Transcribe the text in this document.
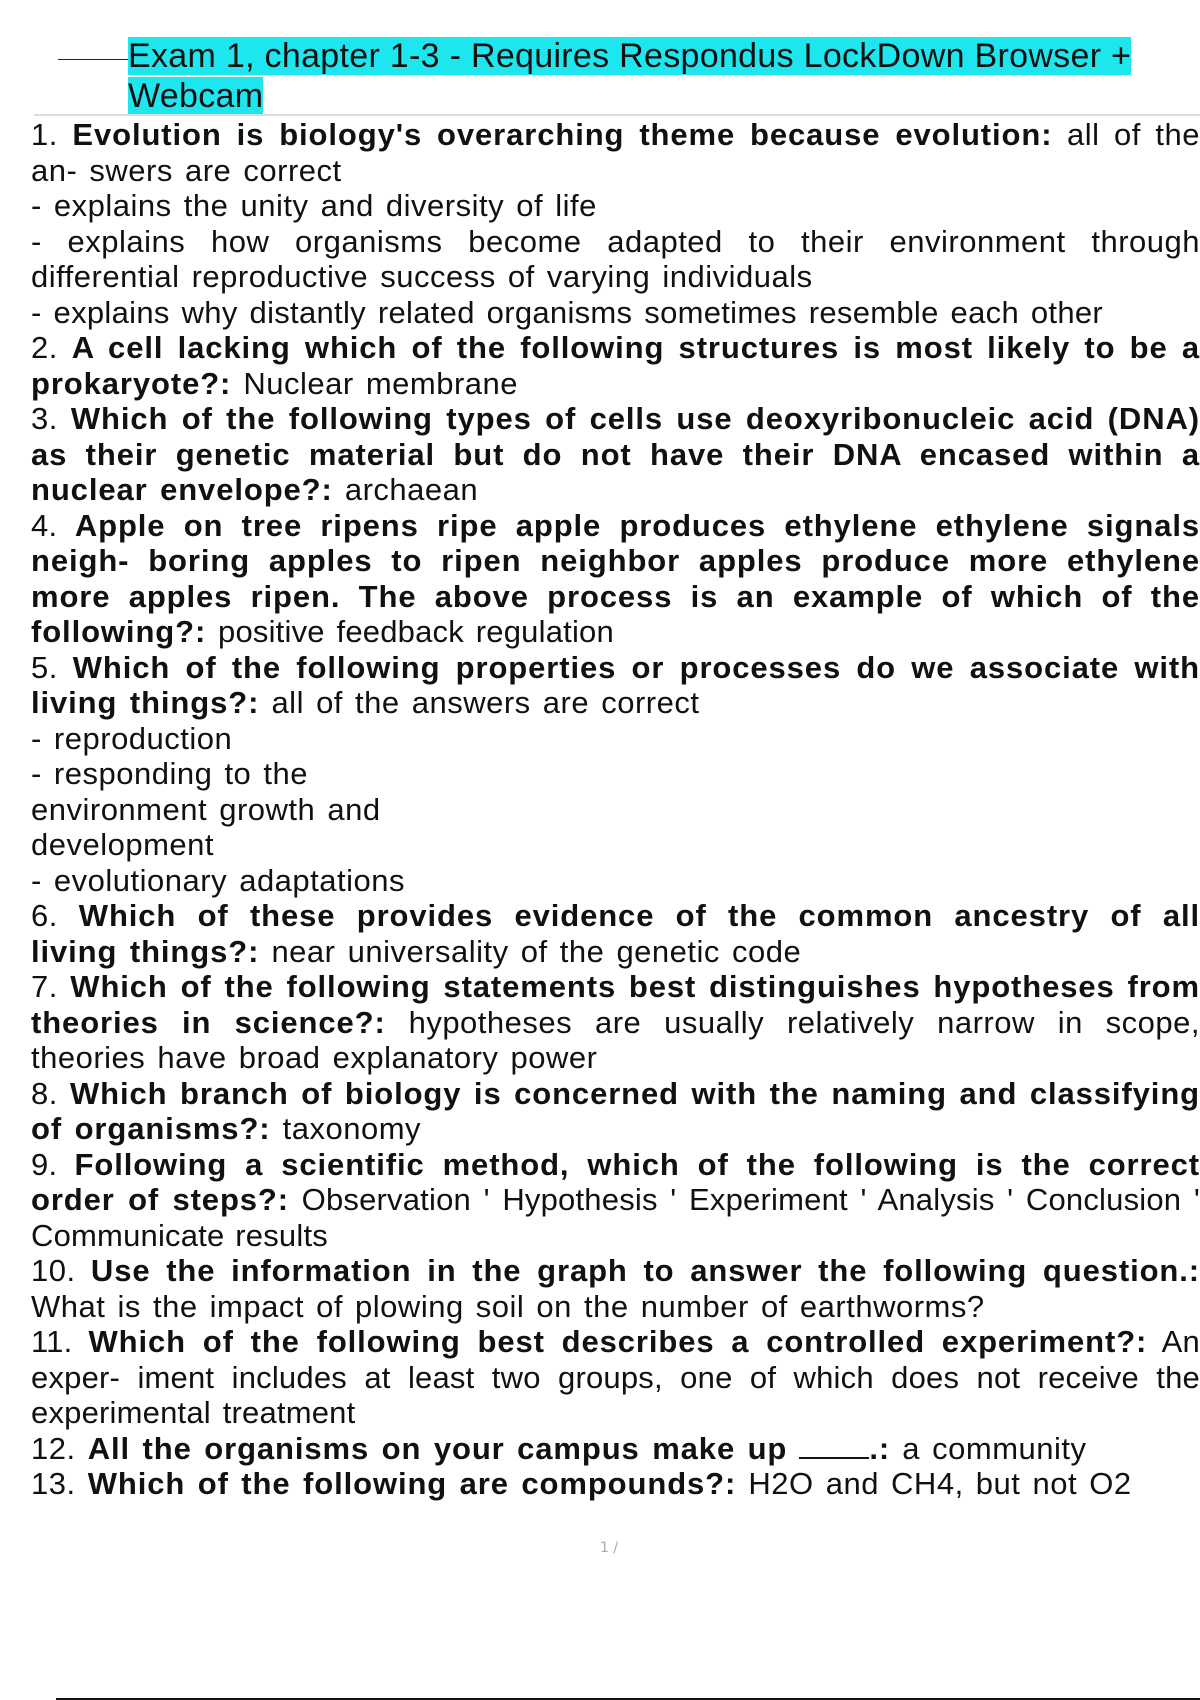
Exam 1, chapter 1-3 - Requires Respondus LockDown Browser + Webcam

1. Evolution is biology's overarching theme because evolution: all of the an- swers are correct

- explains the unity and diversity of life

- explains how organisms become adapted to their environment through differential reproductive success of varying individuals

- explains why distantly related organisms sometimes resemble each other

2. A cell lacking which of the following structures is most likely to be a prokaryote?: Nuclear membrane

3. Which of the following types of cells use deoxyribonucleic acid (DNA) as their genetic material but do not have their DNA encased within a nuclear envelope?: archaean

4. Apple on tree ripens ripe apple produces ethylene ethylene signals neigh- boring apples to ripen neighbor apples produce more ethylene more apples ripen. The above process is an example of which of the following?: positive feedback regulation

5. Which of the following properties or processes do we associate with living things?: all of the answers are correct

- reproduction

- responding to the

environment growth and

development

- evolutionary adaptations

6. Which of these provides evidence of the common ancestry of all living things?: near universality of the genetic code

7. Which of the following statements best distinguishes hypotheses from theories in science?: hypotheses are usually relatively narrow in scope, theories have broad explanatory power

8. Which branch of biology is concerned with the naming and classifying of organisms?: taxonomy

9. Following a scientific method, which of the following is the correct order of steps?: Observation ' Hypothesis ' Experiment ' Analysis ' Conclusion ' Communicate results

10. Use the information in the graph to answer the following question.: What is the impact of plowing soil on the number of earthworms?

11. Which of the following best describes a controlled experiment?: An exper- iment includes at least two groups, one of which does not receive the experimental treatment

12. All the organisms on your campus make up	.: a community

13. Which of the following are compounds?: H2O and CH4, but not O2

1 /
